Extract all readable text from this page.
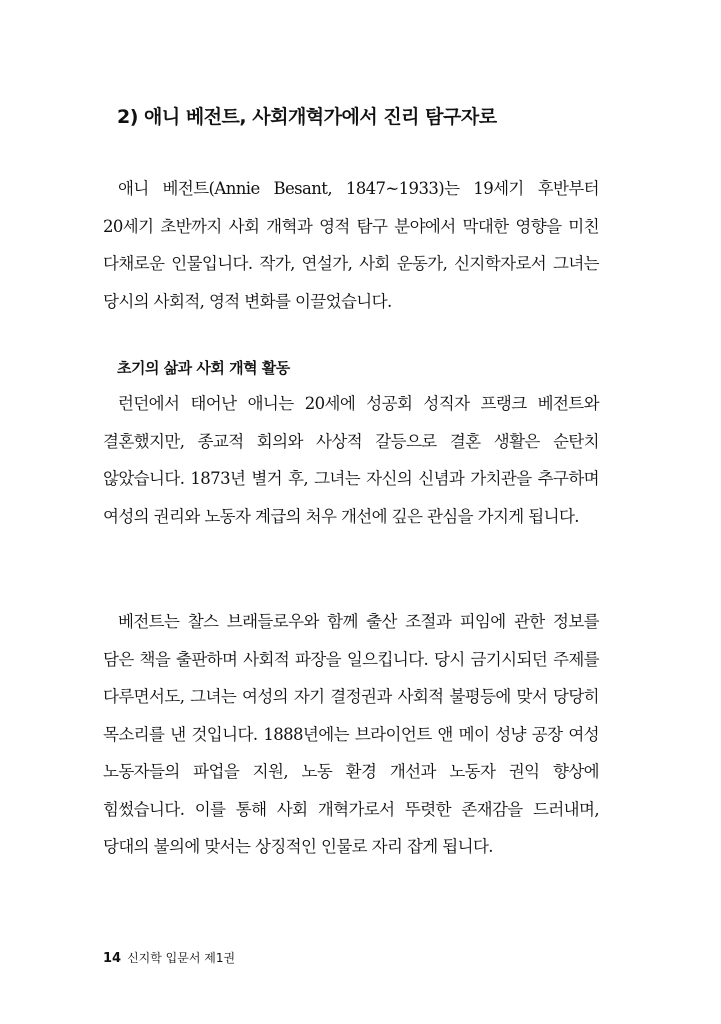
2) 애니 베전트, 사회개혁가에서 진리 탐구자로

애니 베전트(Annie Besant, 1847~1933)는 19세기 후반부터 20세기 초반까지 사회 개혁과 영적 탐구 분야에서 막대한 영향을 미친 다채로운 인물입니다. 작가, 연설가, 사회 운동가, 신지학자로서 그녀는 당시의 사회적, 영적 변화를 이끌었습니다.

초기의 삶과 사회 개혁 활동

런던에서 태어난 애니는 20세에 성공회 성직자 프랭크 베전트와 결혼했지만, 종교적 회의와 사상적 갈등으로 결혼 생활은 순탄치 않았습니다. 1873년 별거 후, 그녀는 자신의 신념과 가치관을 추구하며 여성의 권리와 노동자 계급의 처우 개선에 깊은 관심을 가지게 됩니다.

베전트는 찰스 브래들로우와 함께 출산 조절과 피임에 관한 정보를 담은 책을 출판하며 사회적 파장을 일으킵니다. 당시 금기시되던 주제를 다루면서도, 그녀는 여성의 자기 결정권과 사회적 불평등에 맞서 당당히 목소리를 낸 것입니다. 1888년에는 브라이언트 앤 메이 성냥 공장 여성 노동자들의 파업을 지원, 노동 환경 개선과 노동자 권익 향상에 힘썼습니다. 이를 통해 사회 개혁가로서 뚜렷한 존재감을 드러내며, 당대의 불의에 맞서는 상징적인 인물로 자리 잡게 됩니다.

14 신지학 입문서 제1권
